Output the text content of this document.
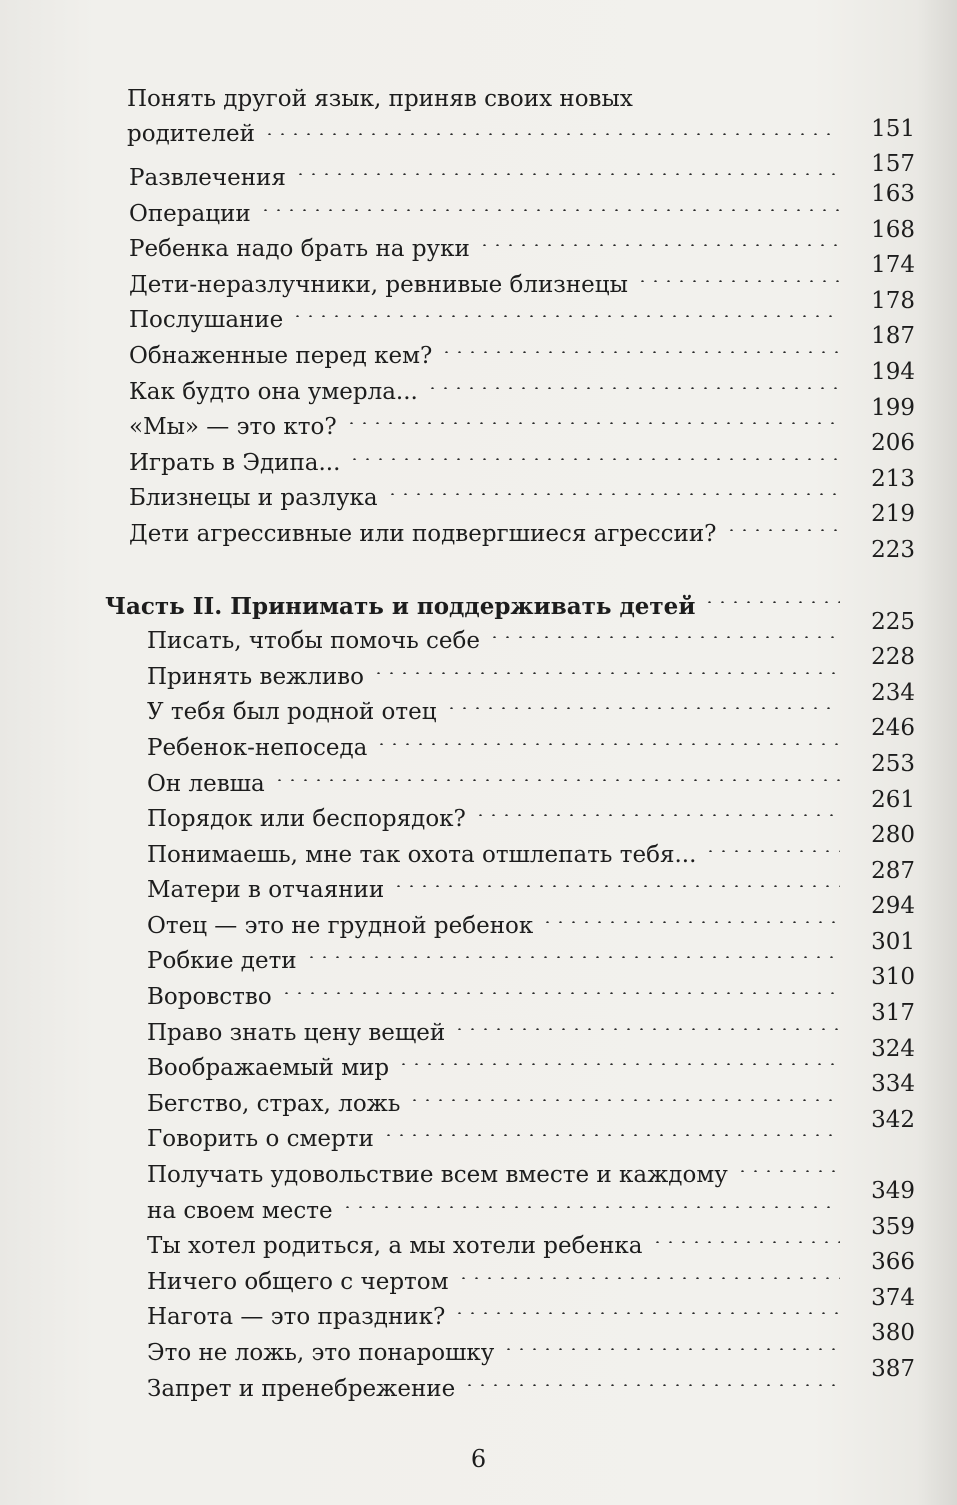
Понять другой язык, приняв своих новых
родителей	151
157
Развлечения
163
Операции
168
Ребенка надо брать на руки
174
Дети-неразлучники, ревнивые близнецы
178
Послушание
187
Обнаженные перед кем?
194
Как будто она умерла...
199
«Мы» — это кто?
206
Играть в Эдипа...
213
Близнецы и разлука
219
Дети агрессивные или подвергшиеся агрессии?
223
Часть II. Принимать и поддерживать детей
225
Писать, чтобы помочь себе
228
Принять вежливо
234
У тебя был родной отец
246
Ребенок-непоседа
253
Он левша
261
Порядок или беспорядок?
280
Понимаешь, мне так охота отшлепать тебя...
287
Матери в отчаянии
294
Отец — это не грудной ребенок
301
Робкие дети
310
Воровство
317
Право знать цену вещей
324
Воображаемый мир
334
Бегство, страх, ложь
342
Говорить о смерти
Получать удовольствие всем вместе и каждому
349
на своем месте
359
Ты хотел родиться, а мы хотели ребенка
366
Ничего общего с чертом
374
Нагота — это праздник?
380
Это не ложь, это понарошку
387
Запрет и пренебрежение
6
